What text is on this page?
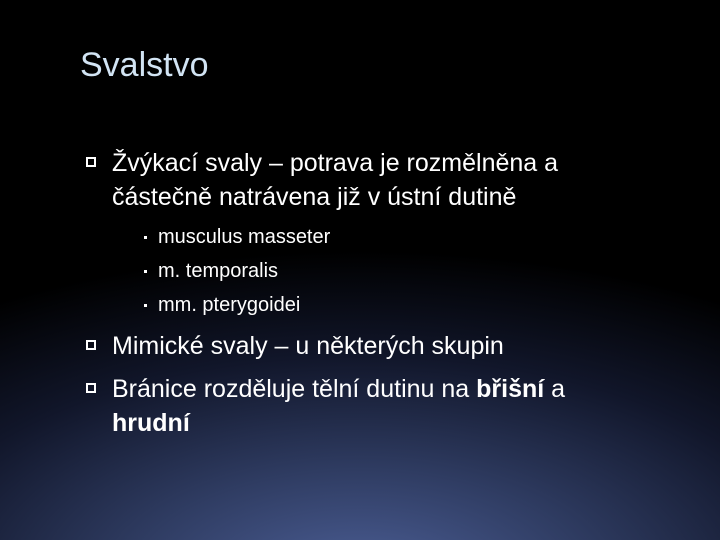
Svalstvo
Žvýkací svaly – potrava je rozmělněna a
částečně natrávena již v ústní dutině
musculus masseter
m. temporalis
mm. pterygoidei
Mimické svaly – u některých skupin
Bránice rozděluje tělní dutinu na břišní a
hrudní
